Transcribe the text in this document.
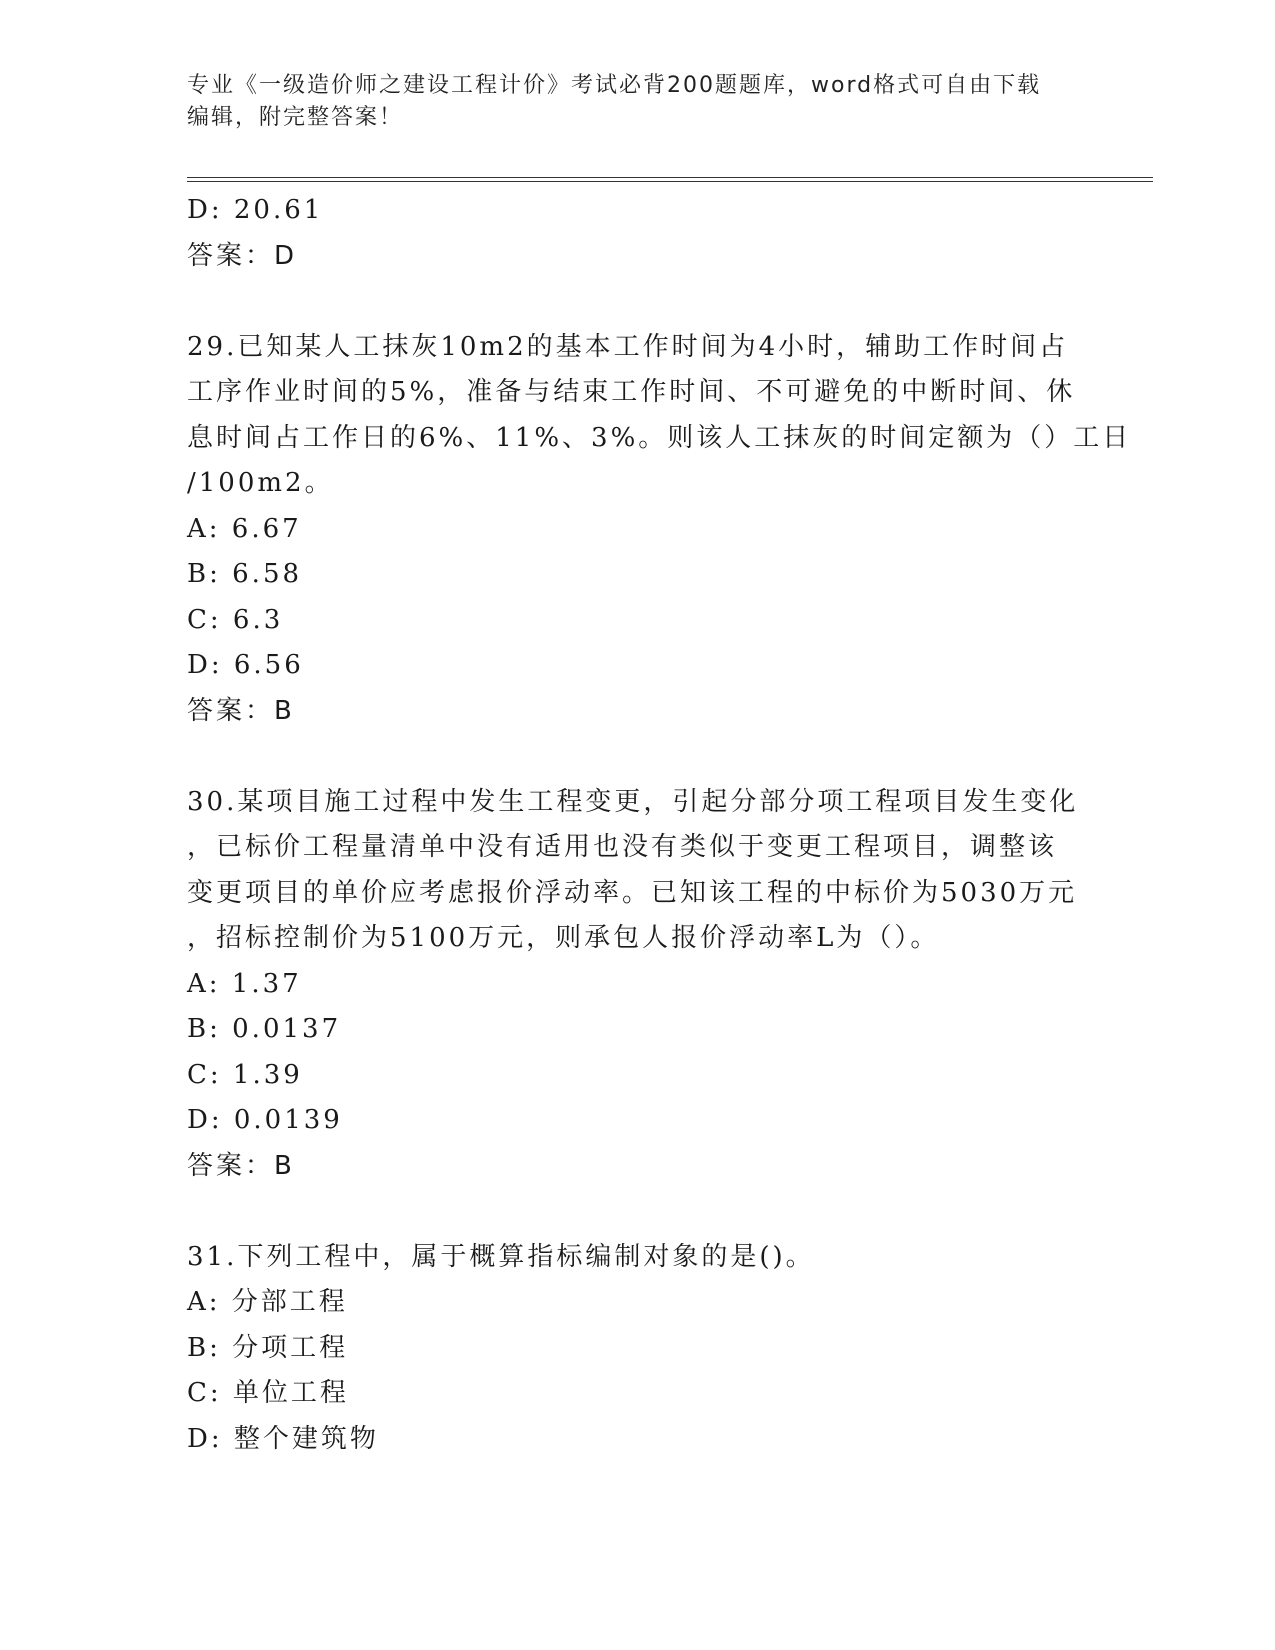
专业《一级造价师之建设工程计价》考试必背200题题库，word格式可自由下载
编辑，附完整答案！
D: 20.61
答案：D
29.已知某人工抹灰10m2的基本工作时间为4小时，辅助工作时间占
工序作业时间的5%，准备与结束工作时间、不可避免的中断时间、休
息时间占工作日的6%、11%、3%。则该人工抹灰的时间定额为（）工日
/100m2。
A: 6.67
B: 6.58
C: 6.3
D: 6.56
答案：B
30.某项目施工过程中发生工程变更，引起分部分项工程项目发生变化
，已标价工程量清单中没有适用也没有类似于变更工程项目，调整该
变更项目的单价应考虑报价浮动率。已知该工程的中标价为5030万元
，招标控制价为5100万元，则承包人报价浮动率L为（）。
A: 1.37
B: 0.0137
C: 1.39
D: 0.0139
答案：B
31.下列工程中，属于概算指标编制对象的是()。
A: 分部工程
B: 分项工程
C: 单位工程
D: 整个建筑物
